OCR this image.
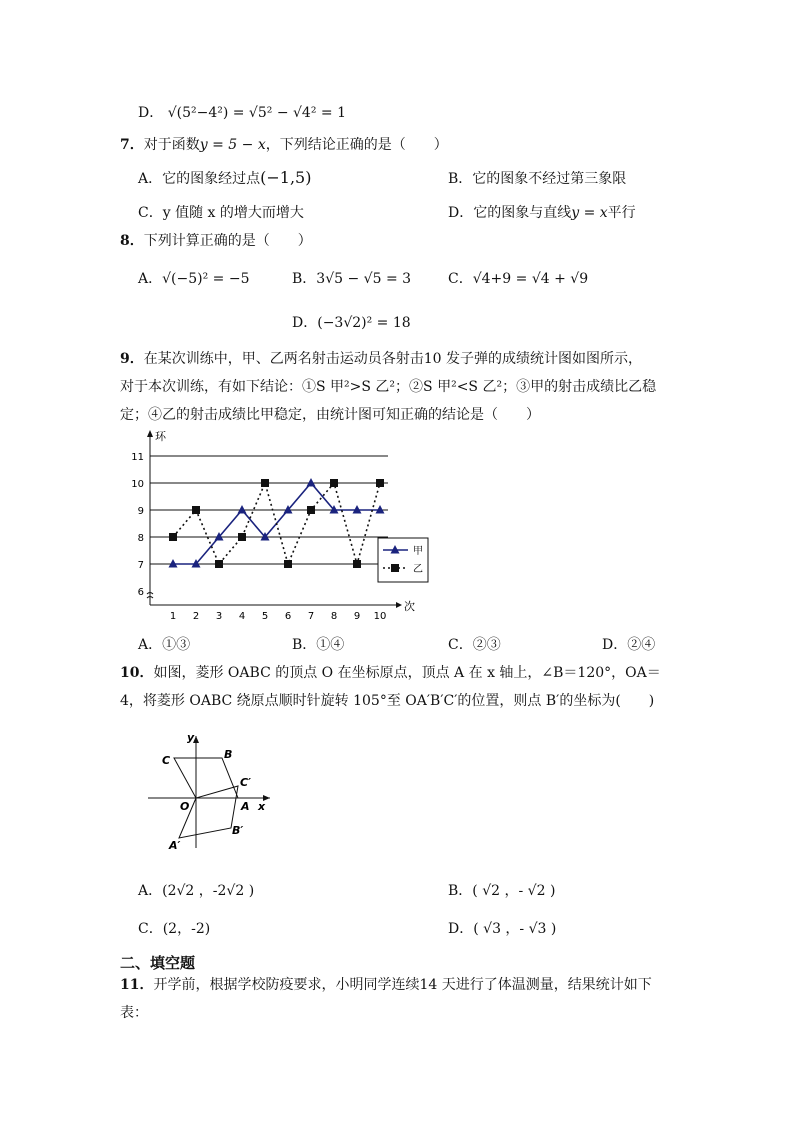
D． √(5²−4²) = √5² − √4² = 1
7．对于函数y = 5 − x，下列结论正确的是（　　）
A．它的图象经过点(−1,5)	B．它的图象不经过第三象限
C．y 值随 x 的增大而增大	D．它的图象与直线y = x平行
8．下列计算正确的是（　　）
A．√(−5)² = −5	B．3√5 − √5 = 3	C．√4+9 = √4 + √9
D．(−3√2)² = 18
9．在某次训练中，甲、乙两名射击运动员各射击10 发子弹的成绩统计图如图所示，
对于本次训练，有如下结论：①S 甲²>S 乙²；②S 甲²<S 乙²；③甲的射击成绩比乙稳
定；④乙的射击成绩比甲稳定，由统计图可知正确的结论是（　　）
6
7
8
9
10
11
1 2 3 4 5 6 7 8 9 10
环
次
甲
乙
A．①③	B．①④	C．②③	D．②④
10．如图，菱形 OABC 的顶点 O 在坐标原点，顶点 A 在 x 轴上，∠B＝120°，OA＝
4，将菱形 OABC 绕原点顺时针旋转 105°至 OA′B′C′的位置，则点 B′的坐标为(　　)
y
x
O	A
B
C
A′
B′
C′
A．(2√2 ，-2√2 )	B．( √2 ，- √2 )
C．(2，-2)	D．( √3 ，- √3 )
二、填空题
11．开学前，根据学校防疫要求，小明同学连续14 天进行了体温测量，结果统计如下
表：
